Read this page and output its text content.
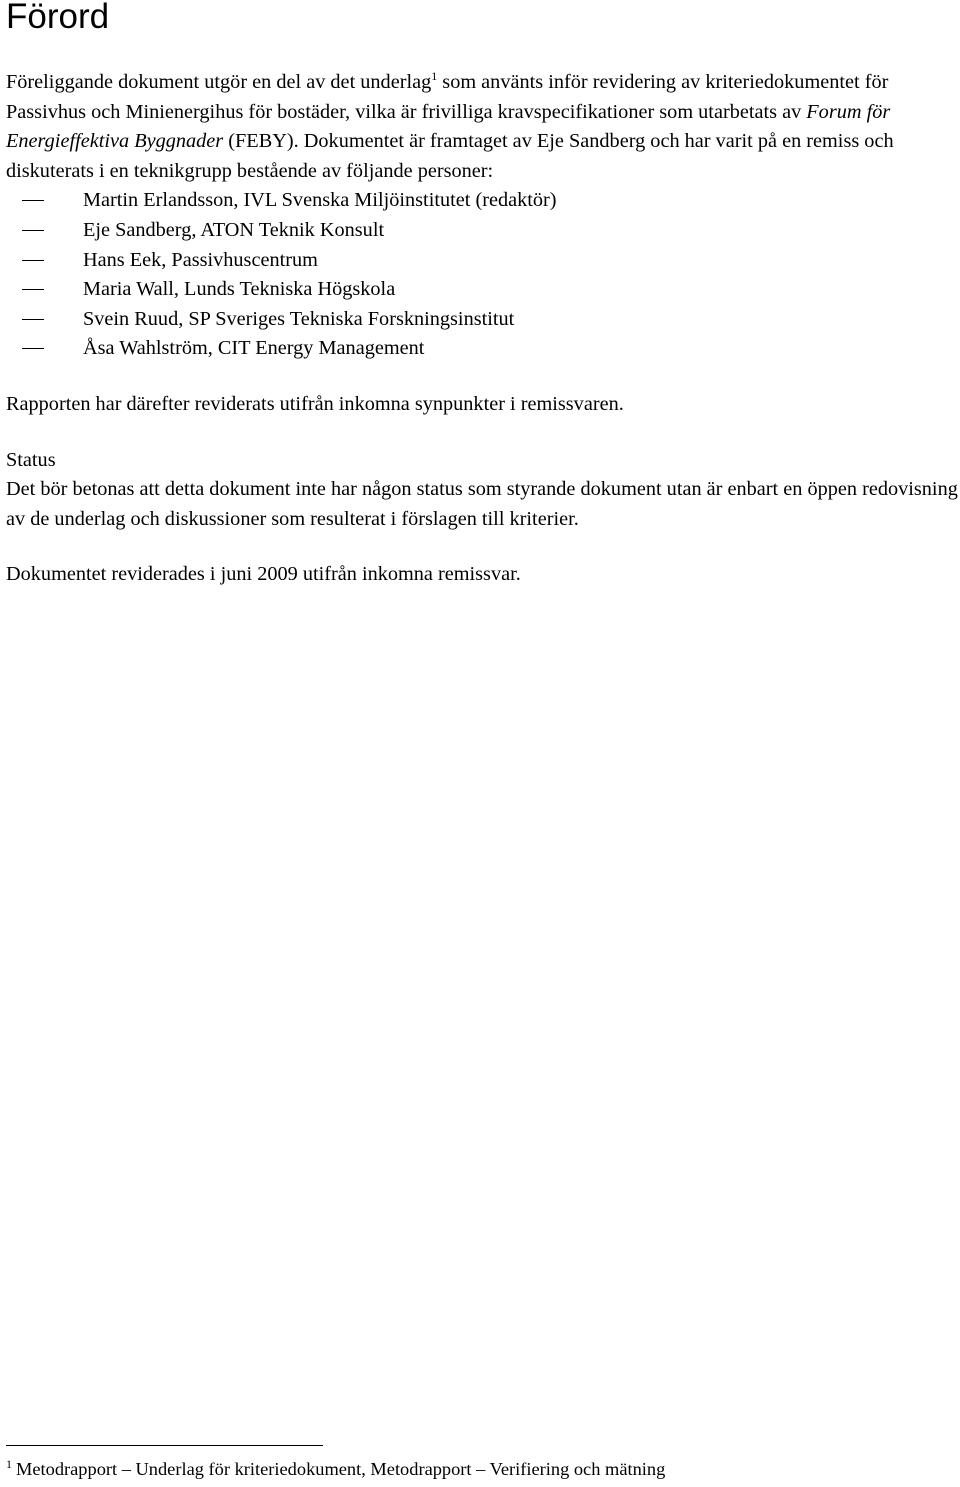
Förord

Föreliggande dokument utgör en del av det underlag$^1$ som använts inför revidering av kriteriedokumentet för Passivhus och Minienergihus för bostäder, vilka är frivilliga kravspecifikationer som utarbetats av Forum för Energieffektiva Byggnader (FEBY). Dokumentet är framtaget av Eje Sandberg och har varit på en remiss och diskuterats i en teknikgrupp bestående av följande personer:

Martin Erlandsson, IVL Svenska Miljöinstitutet (redaktör)
Eje Sandberg, ATON Teknik Konsult
Hans Eek, Passivhuscentrum
Maria Wall, Lunds Tekniska Högskola
Svein Ruud, SP Sveriges Tekniska Forskningsinstitut
Åsa Wahlström, CIT Energy Management

Rapporten har därefter reviderats utifrån inkomna synpunkter i remissvaren.

Status

Det bör betonas att detta dokument inte har någon status som styrande dokument utan är enbart en öppen redovisning av de underlag och diskussioner som resulterat i förslagen till kriterier.

Dokumentet reviderades i juni 2009 utifrån inkomna remissvar.

$^1$ Metodrapport – Underlag för kriteriedokument, Metodrapport – Verifiering och mätning
